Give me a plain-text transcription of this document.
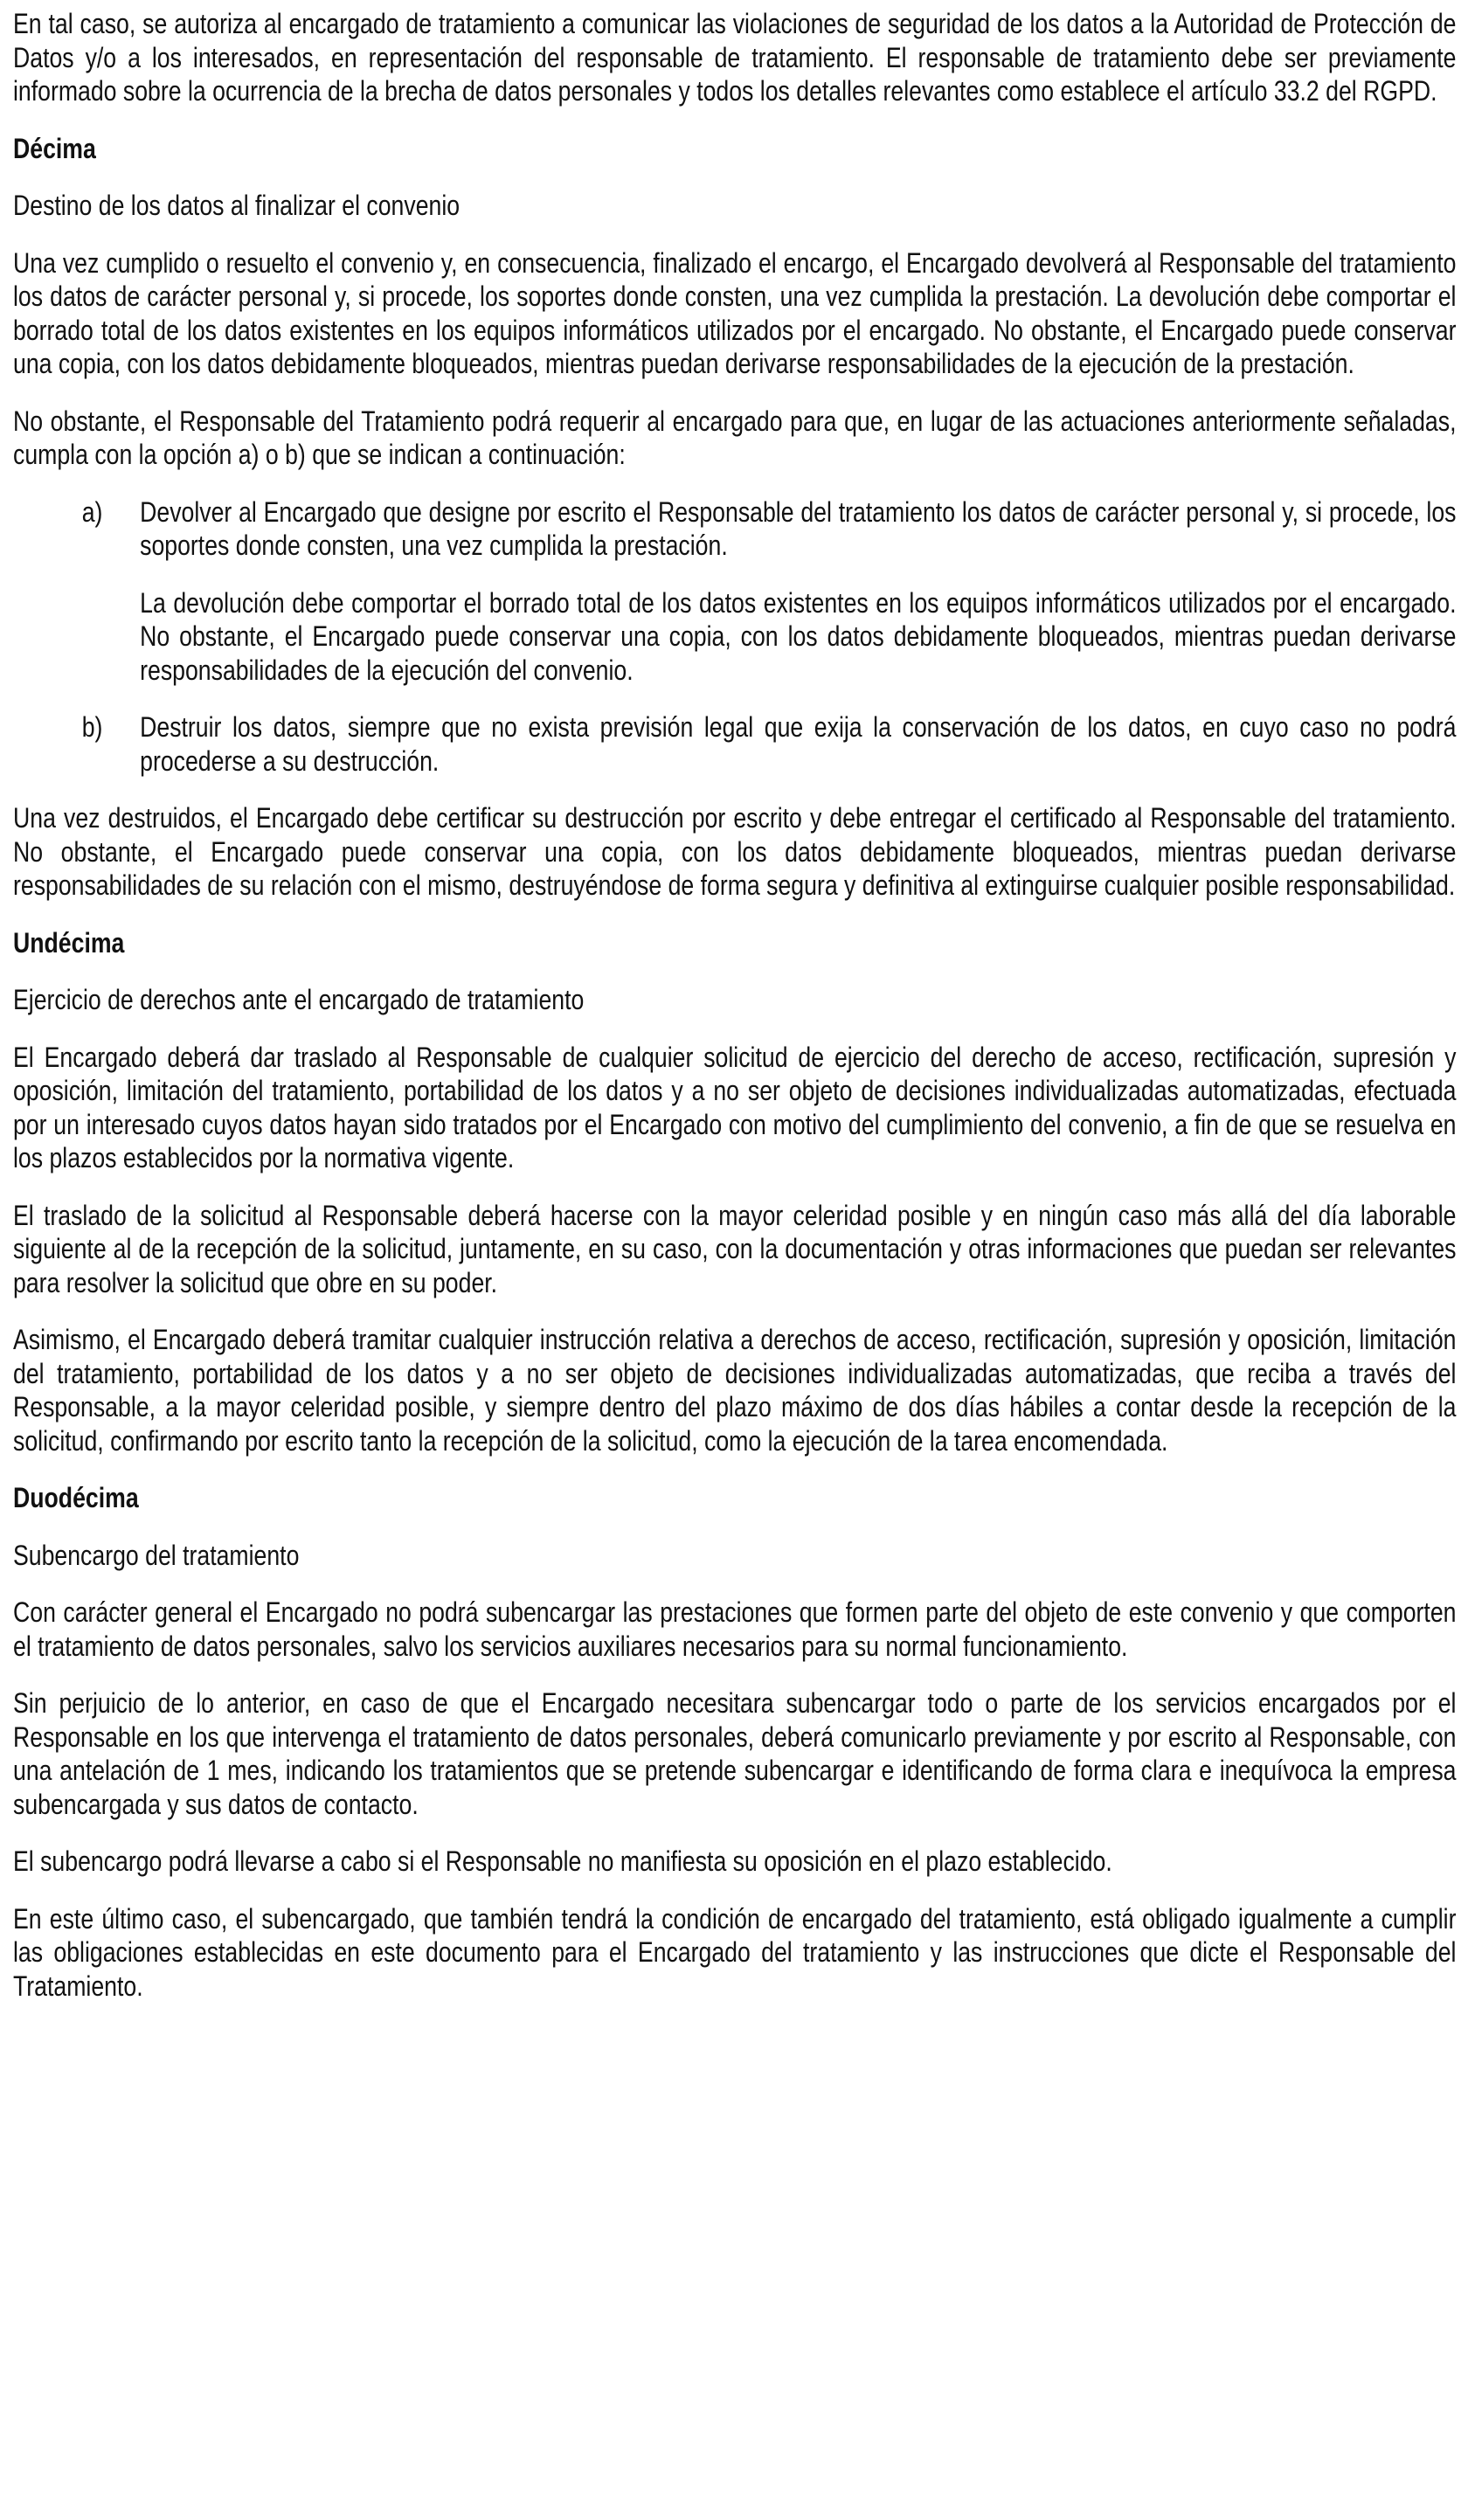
En tal caso, se autoriza al encargado de tratamiento a comunicar las violaciones de seguridad de los datos a la Autoridad de Protección de Datos y/o a los interesados, en representación del responsable de tratamiento. El responsable de tratamiento debe ser previamente informado sobre la ocurrencia de la brecha de datos personales y todos los detalles relevantes como establece el artículo 33.2 del RGPD.

Décima

Destino de los datos al finalizar el convenio

Una vez cumplido o resuelto el convenio y, en consecuencia, finalizado el encargo, el Encargado devolverá al Responsable del tratamiento los datos de carácter personal y, si procede, los soportes donde consten, una vez cumplida la prestación. La devolución debe comportar el borrado total de los datos existentes en los equipos informáticos utilizados por el encargado. No obstante, el Encargado puede conservar una copia, con los datos debidamente bloqueados, mientras puedan derivarse responsabilidades de la ejecución de la prestación.

No obstante, el Responsable del Tratamiento podrá requerir al encargado para que, en lugar de las actuaciones anteriormente señaladas, cumpla con la opción a) o b) que se indican a continuación:

a) Devolver al Encargado que designe por escrito el Responsable del tratamiento los datos de carácter personal y, si procede, los soportes donde consten, una vez cumplida la prestación.

La devolución debe comportar el borrado total de los datos existentes en los equipos informáticos utilizados por el encargado. No obstante, el Encargado puede conservar una copia, con los datos debidamente bloqueados, mientras puedan derivarse responsabilidades de la ejecución del convenio.

b) Destruir los datos, siempre que no exista previsión legal que exija la conservación de los datos, en cuyo caso no podrá procederse a su destrucción.

Una vez destruidos, el Encargado debe certificar su destrucción por escrito y debe entregar el certificado al Responsable del tratamiento. No obstante, el Encargado puede conservar una copia, con los datos debidamente bloqueados, mientras puedan derivarse responsabilidades de su relación con el mismo, destruyéndose de forma segura y definitiva al extinguirse cualquier posible responsabilidad.

Undécima

Ejercicio de derechos ante el encargado de tratamiento

El Encargado deberá dar traslado al Responsable de cualquier solicitud de ejercicio del derecho de acceso, rectificación, supresión y oposición, limitación del tratamiento, portabilidad de los datos y a no ser objeto de decisiones individualizadas automatizadas, efectuada por un interesado cuyos datos hayan sido tratados por el Encargado con motivo del cumplimiento del convenio, a fin de que se resuelva en los plazos establecidos por la normativa vigente.

El traslado de la solicitud al Responsable deberá hacerse con la mayor celeridad posible y en ningún caso más allá del día laborable siguiente al de la recepción de la solicitud, juntamente, en su caso, con la documentación y otras informaciones que puedan ser relevantes para resolver la solicitud que obre en su poder.

Asimismo, el Encargado deberá tramitar cualquier instrucción relativa a derechos de acceso, rectificación, supresión y oposición, limitación del tratamiento, portabilidad de los datos y a no ser objeto de decisiones individualizadas automatizadas, que reciba a través del Responsable, a la mayor celeridad posible, y siempre dentro del plazo máximo de dos días hábiles a contar desde la recepción de la solicitud, confirmando por escrito tanto la recepción de la solicitud, como la ejecución de la tarea encomendada.

Duodécima

Subencargo del tratamiento

Con carácter general el Encargado no podrá subencargar las prestaciones que formen parte del objeto de este convenio y que comporten el tratamiento de datos personales, salvo los servicios auxiliares necesarios para su normal funcionamiento.

Sin perjuicio de lo anterior, en caso de que el Encargado necesitara subencargar todo o parte de los servicios encargados por el Responsable en los que intervenga el tratamiento de datos personales, deberá comunicarlo previamente y por escrito al Responsable, con una antelación de 1 mes, indicando los tratamientos que se pretende subencargar e identificando de forma clara e inequívoca la empresa subencargada y sus datos de contacto.

El subencargo podrá llevarse a cabo si el Responsable no manifiesta su oposición en el plazo establecido.

En este último caso, el subencargado, que también tendrá la condición de encargado del tratamiento, está obligado igualmente a cumplir las obligaciones establecidas en este documento para el Encargado del tratamiento y las instrucciones que dicte el Responsable del Tratamiento.
